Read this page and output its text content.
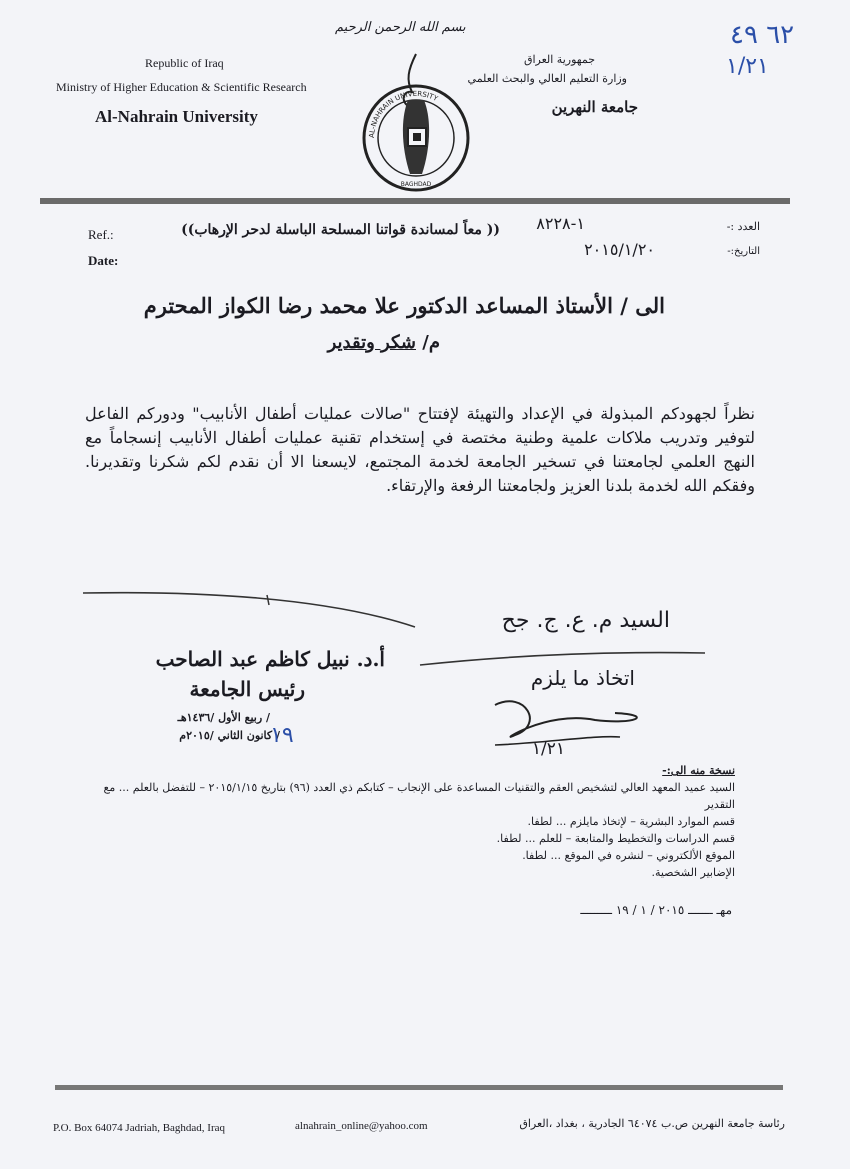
Republic of Iraq
Ministry of Higher Education & Scientific Research
Al-Nahrain University
جمهورية العراق
وزارة التعليم العالي والبحث العلمي
جامعة النهرين
بسم الله الرحمن الرحيم
AL-NAHRAIN UNIVERSITY
BAGHDAD
٦٢ ٤٩
١/٢١
Ref.:
Date:
العدد :-
١-٨٢٢٨
(( معاً لمساندة قواتنا المسلحة الباسلة لدحر الإرهاب))
التاريخ:-
٢٠١٥/١/٢٠
الى / الأستاذ المساعد الدكتور علا محمد رضا الكواز المحترم
م/ شكر وتقدير

نظراً لجهودكم المبذولة في الإعداد والتهيئة لإفتتاح "صالات عمليات أطفال الأنابيب" ودوركم الفاعل لتوفير وتدريب ملاكات علمية وطنية مختصة في إستخدام تقنية عمليات أطفال الأنابيب إنسجاماً مع النهج العلمي لجامعتنا في تسخير الجامعة لخدمة المجتمع، لايسعنا الا أن نقدم لكم شكرنا وتقديرنا. وفقكم الله لخدمة بلدنا العزيز ولجامعتنا الرفعة والإرتقاء.

السيد م. ع. ج. جح
اتخاذ ما يلزم
١/٢١
أ.د. نبيل كاظم عبد الصاحب
رئيس الجامعة
/ ربيع الأول /١٤٣٦هـ
/ كانون الثاني /٢٠١٥م
١٩

نسخة منه الى:-

السيد عميد المعهد العالي لتشخيص العقم والتقنيات المساعدة على الإنجاب – كتابكم ذي العدد (٩٦) بتاريخ ٢٠١٥/١/١٥ – للتفضل بالعلم ... مع التقدير

قسم الموارد البشرية – لإتخاذ مايلزم ... لطفا.

قسم الدراسات والتخطيط والمتابعة – للعلم ... لطفا.

الموقع الألكتروني – لنشره في الموقع ... لطفا.

الإضابير الشخصية.

مهـ ـــــــ ٢٠١٥ / ١ / ١٩ ـــــــــ
P.O. Box 64074 Jadriah, Baghdad, Iraq	alnahrain_online@yahoo.com	رئاسة جامعة النهرين ص.ب ٦٤٠٧٤ الجادرية ، بغداد ،العراق
